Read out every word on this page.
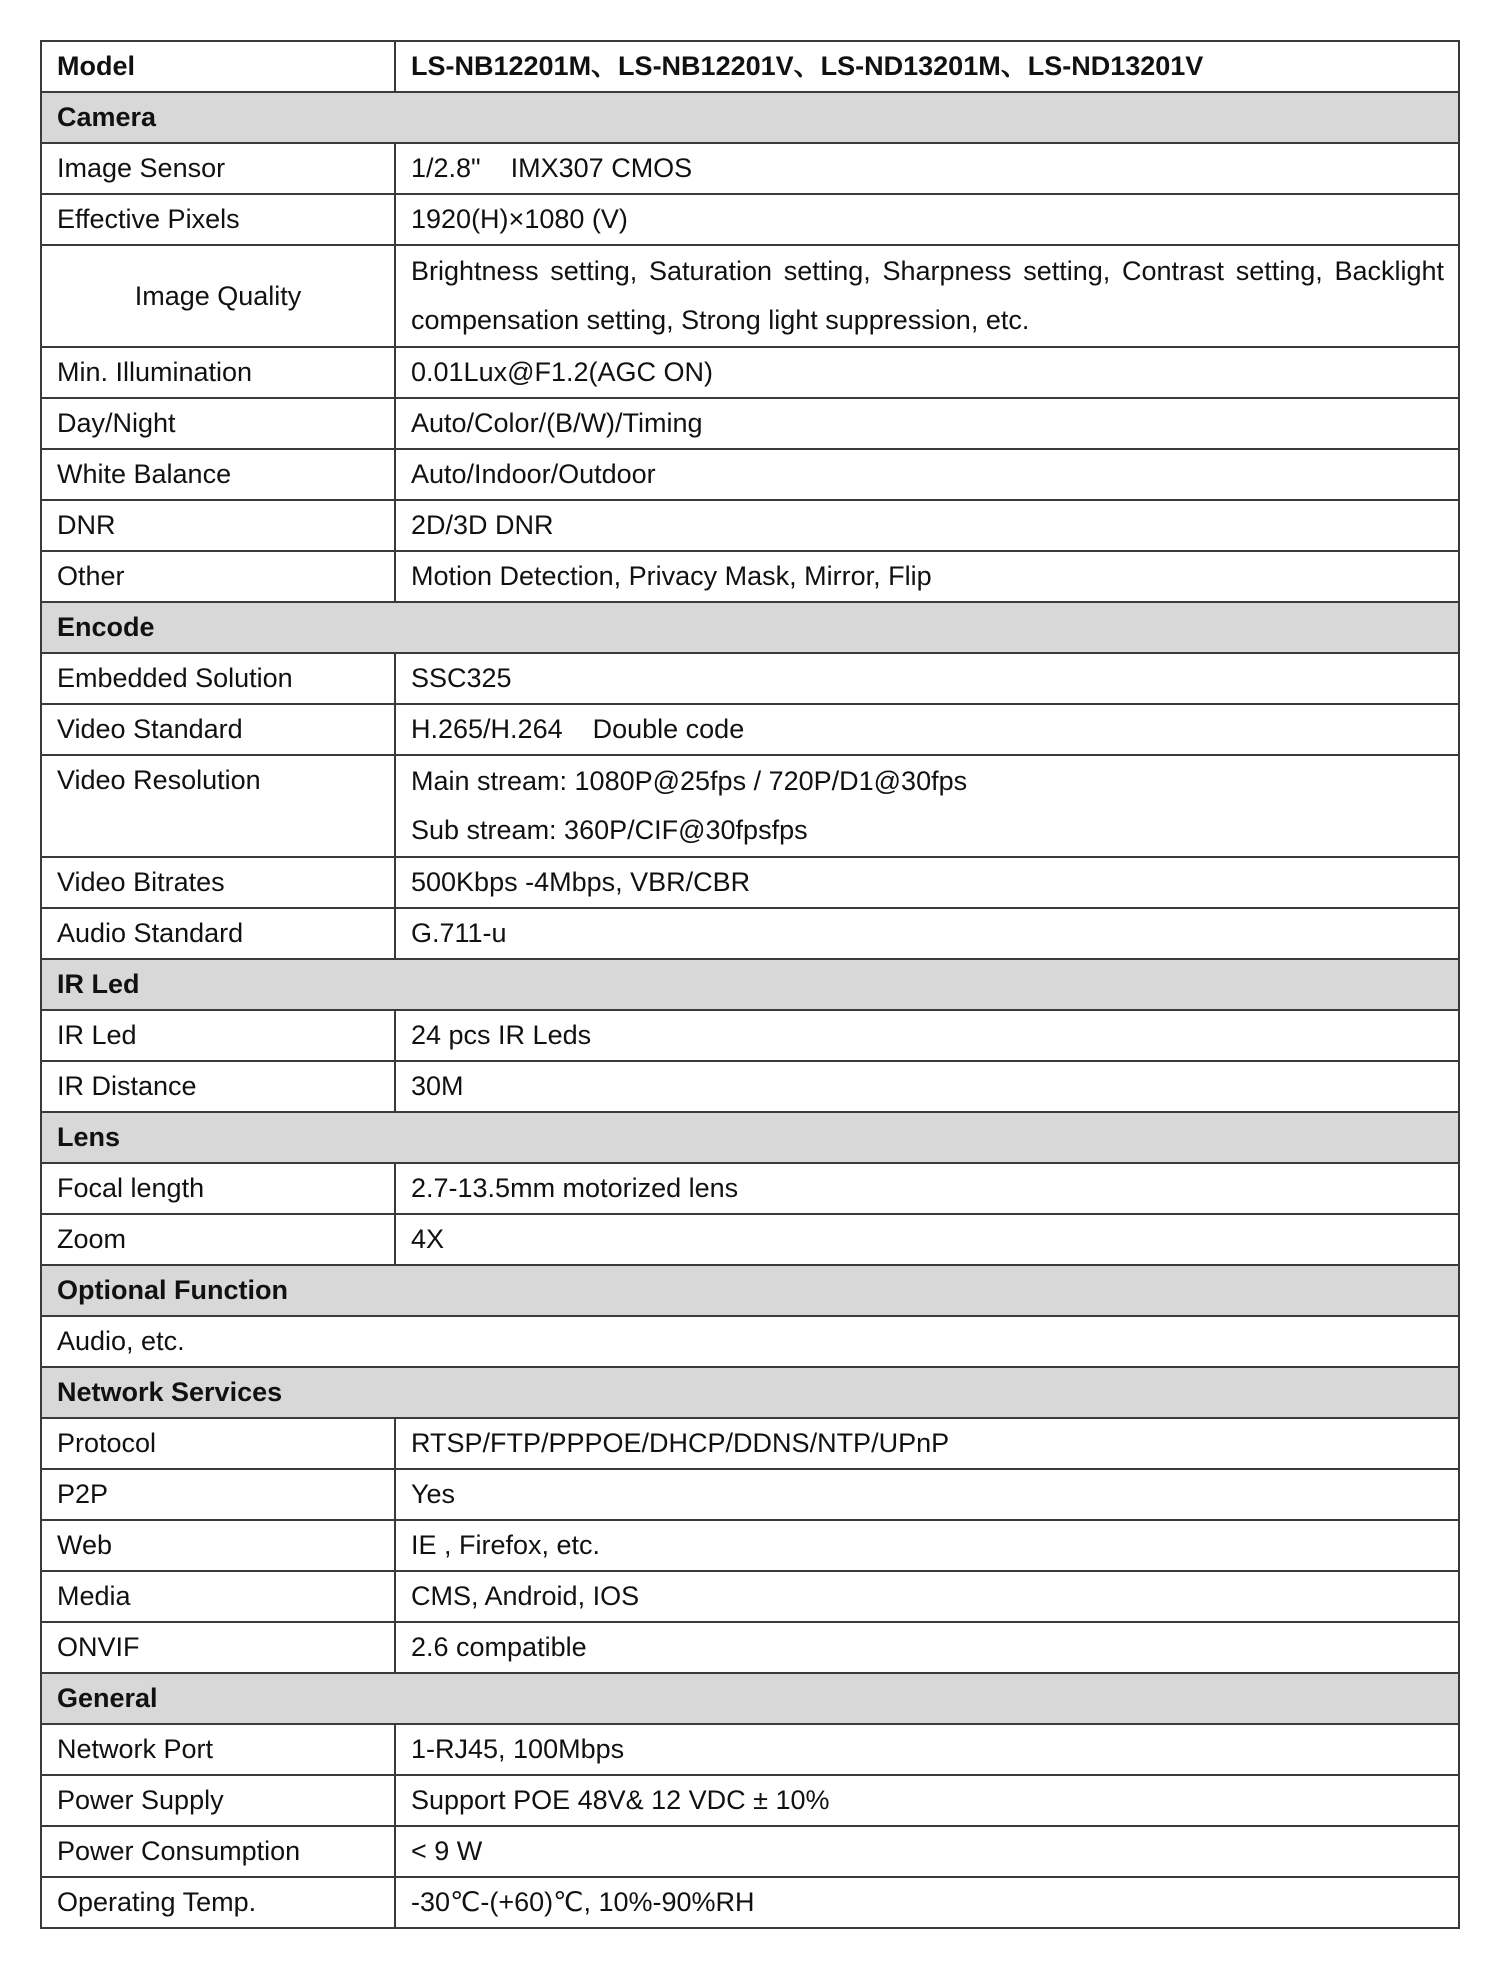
Model	LS-NB12201M、LS-NB12201V、LS-ND13201M、LS-ND13201V
Camera	
Image Sensor	1/2.8"    IMX307 CMOS
Effective Pixels	1920(H)×1080 (V)
Image Quality	Brightness setting, Saturation setting, Sharpness setting, Contrast setting, Backlight compensation setting, Strong light suppression, etc.
Min. Illumination	0.01Lux@F1.2(AGC ON)
Day/Night	Auto/Color/(B/W)/Timing
White Balance	Auto/Indoor/Outdoor
DNR	2D/3D DNR
Other	Motion Detection, Privacy Mask, Mirror, Flip
Encode	
Embedded Solution	SSC325
Video Standard	H.265/H.264    Double code
Video Resolution	Main stream: 1080P@25fps / 720P/D1@30fps
Sub stream: 360P/CIF@30fpsfps

Video Bitrates	500Kbps -4Mbps, VBR/CBR
Audio Standard	G.711-u
IR Led	
IR Led	24 pcs IR Leds
IR Distance	30M
Lens	
Focal length	2.7-13.5mm motorized lens
Zoom	4X
Optional Function	
Audio, etc.	
Network Services	
Protocol	RTSP/FTP/PPPOE/DHCP/DDNS/NTP/UPnP
P2P	Yes
Web	IE , Firefox, etc.
Media	CMS, Android, IOS
ONVIF	2.6 compatible
General	
Network Port	1-RJ45, 100Mbps
Power Supply	Support POE 48V& 12 VDC ± 10%
Power Consumption	< 9 W
Operating Temp.	-30℃-(+60)℃, 10%-90%RH
